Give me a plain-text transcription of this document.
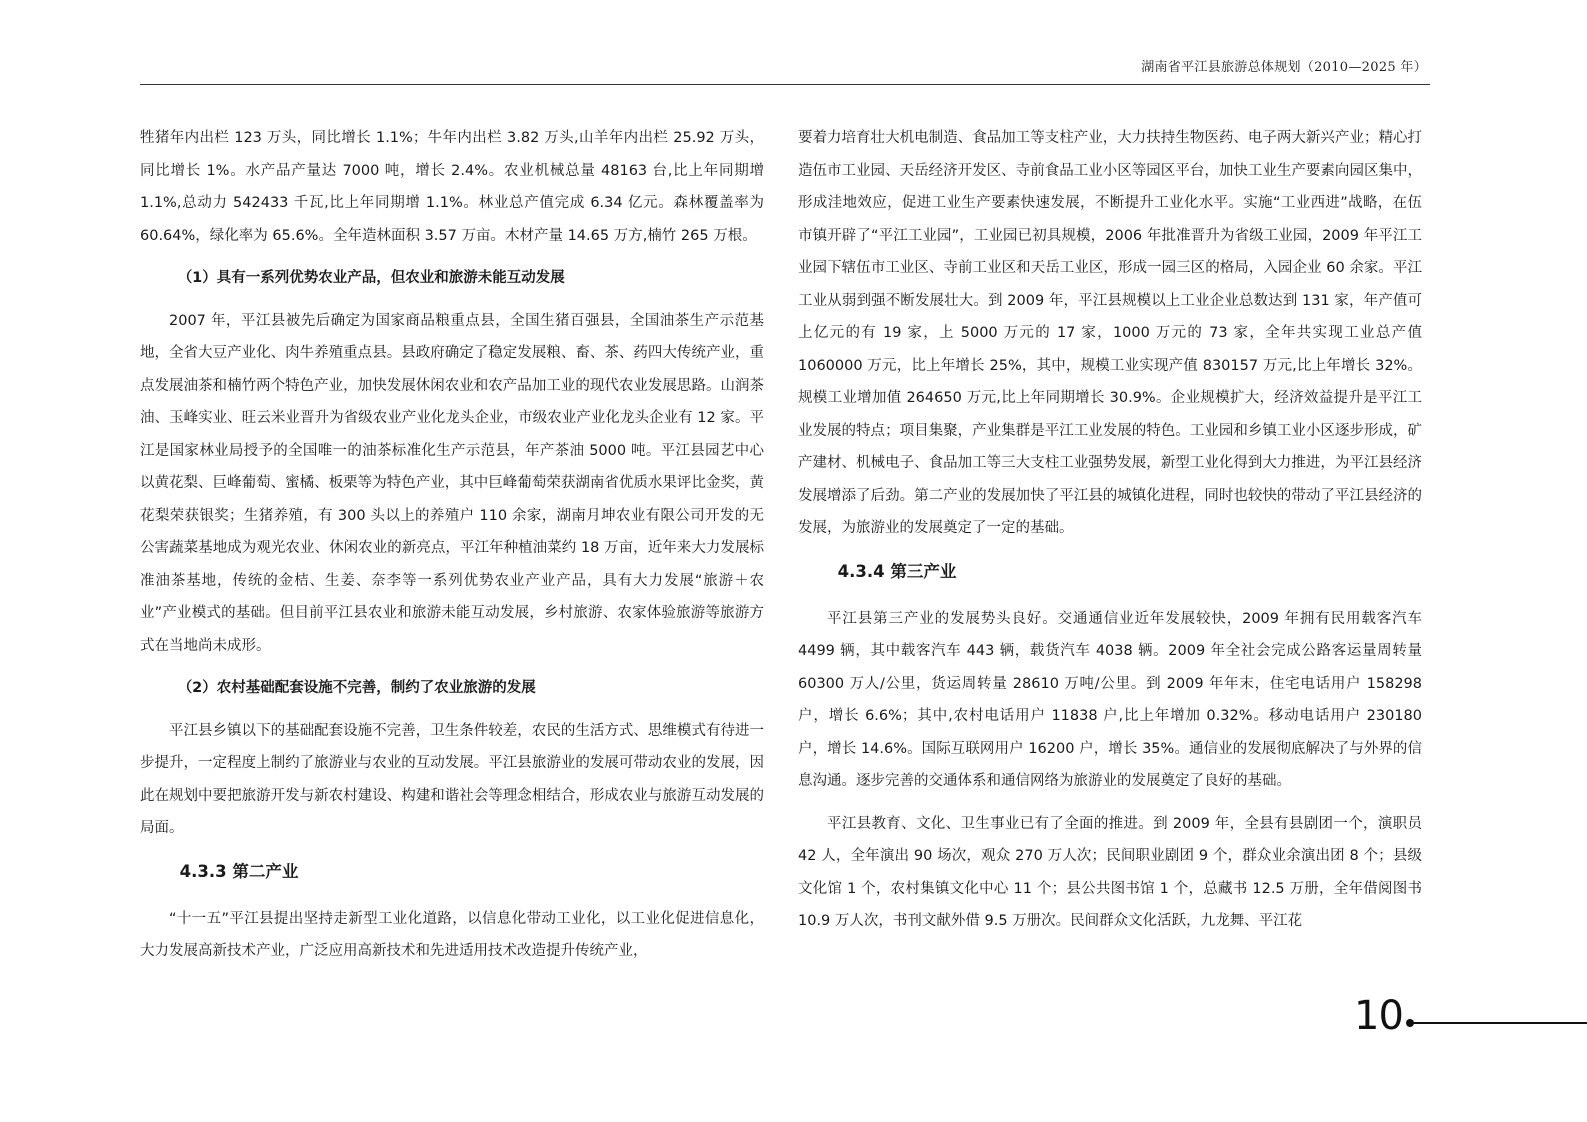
湖南省平江县旅游总体规划（2010—2025 年）

牲猪年内出栏 123 万头，同比增长 1.1%；牛年内出栏 3.82 万头,山羊年内出栏 25.92 万头，同比增长 1%。水产品产量达 7000 吨，增长 2.4%。农业机械总量 48163 台,比上年同期增 1.1%,总动力 542433 千瓦,比上年同期增 1.1%。林业总产值完成 6.34 亿元。森林覆盖率为 60.64%，绿化率为 65.6%。全年造林面积 3.57 万亩。木材产量 14.65 万方,楠竹 265 万根。

（1）具有一系列优势农业产品，但农业和旅游未能互动发展

2007 年，平江县被先后确定为国家商品粮重点县，全国生猪百强县，全国油茶生产示范基地，全省大豆产业化、肉牛养殖重点县。县政府确定了稳定发展粮、畜、茶、药四大传统产业，重点发展油茶和楠竹两个特色产业，加快发展休闲农业和农产品加工业的现代农业发展思路。山润茶油、玉峰实业、旺云米业晋升为省级农业产业化龙头企业，市级农业产业化龙头企业有 12 家。平江是国家林业局授予的全国唯一的油茶标准化生产示范县，年产茶油 5000 吨。平江县园艺中心以黄花梨、巨峰葡萄、蜜橘、板栗等为特色产业，其中巨峰葡萄荣获湖南省优质水果评比金奖，黄花梨荣获银奖；生猪养殖，有 300 头以上的养殖户 110 余家，湖南月坤农业有限公司开发的无公害蔬菜基地成为观光农业、休闲农业的新亮点，平江年种植油菜约 18 万亩，近年来大力发展标准油茶基地，传统的金桔、生姜、奈李等一系列优势农业产业产品，具有大力发展“旅游＋农业”产业模式的基础。但目前平江县农业和旅游未能互动发展，乡村旅游、农家体验旅游等旅游方式在当地尚未成形。

（2）农村基础配套设施不完善，制约了农业旅游的发展

平江县乡镇以下的基础配套设施不完善，卫生条件较差，农民的生活方式、思维模式有待进一步提升，一定程度上制约了旅游业与农业的互动发展。平江县旅游业的发展可带动农业的发展，因此在规划中要把旅游开发与新农村建设、构建和谐社会等理念相结合，形成农业与旅游互动发展的局面。

4.3.3 第二产业

“十一五”平江县提出坚持走新型工业化道路，以信息化带动工业化，以工业化促进信息化，大力发展高新技术产业，广泛应用高新技术和先进适用技术改造提升传统产业，

要着力培育壮大机电制造、食品加工等支柱产业，大力扶持生物医药、电子两大新兴产业；精心打造伍市工业园、天岳经济开发区、寺前食品工业小区等园区平台，加快工业生产要素向园区集中，形成洼地效应，促进工业生产要素快速发展，不断提升工业化水平。实施“工业西进”战略，在伍市镇开辟了“平江工业园”，工业园已初具规模，2006 年批准晋升为省级工业园，2009 年平江工业园下辖伍市工业区、寺前工业区和天岳工业区，形成一园三区的格局，入园企业 60 余家。平江工业从弱到强不断发展壮大。到 2009 年，平江县规模以上工业企业总数达到 131 家，年产值可上亿元的有 19 家，上 5000 万元的 17 家，1000 万元的 73 家，全年共实现工业总产值 1060000 万元，比上年增长 25%，其中，规模工业实现产值 830157 万元,比上年增长 32%。规模工业增加值 264650 万元,比上年同期增长 30.9%。企业规模扩大，经济效益提升是平江工业发展的特点；项目集聚，产业集群是平江工业发展的特色。工业园和乡镇工业小区逐步形成，矿产建材、机械电子、食品加工等三大支柱工业强势发展，新型工业化得到大力推进，为平江县经济发展增添了后劲。第二产业的发展加快了平江县的城镇化进程，同时也较快的带动了平江县经济的发展，为旅游业的发展奠定了一定的基础。

4.3.4 第三产业

平江县第三产业的发展势头良好。交通通信业近年发展较快，2009 年拥有民用载客汽车 4499 辆，其中载客汽车 443 辆，载货汽车 4038 辆。2009 年全社会完成公路客运量周转量 60300 万人/公里，货运周转量 28610 万吨/公里。到 2009 年年末，住宅电话用户 158298 户，增长 6.6%；其中,农村电话用户 11838 户,比上年增加 0.32%。移动电话用户 230180 户，增长 14.6%。国际互联网用户 16200 户，增长 35%。通信业的发展彻底解决了与外界的信息沟通。逐步完善的交通体系和通信网络为旅游业的发展奠定了良好的基础。

平江县教育、文化、卫生事业已有了全面的推进。到 2009 年，全县有县剧团一个，演职员 42 人，全年演出 90 场次，观众 270 万人次；民间职业剧团 9 个，群众业余演出团 8 个；县级文化馆 1 个，农村集镇文化中心 11 个；县公共图书馆 1 个，总藏书 12.5 万册，全年借阅图书 10.9 万人次，书刊文献外借 9.5 万册次。民间群众文化活跃，九龙舞、平江花

10
